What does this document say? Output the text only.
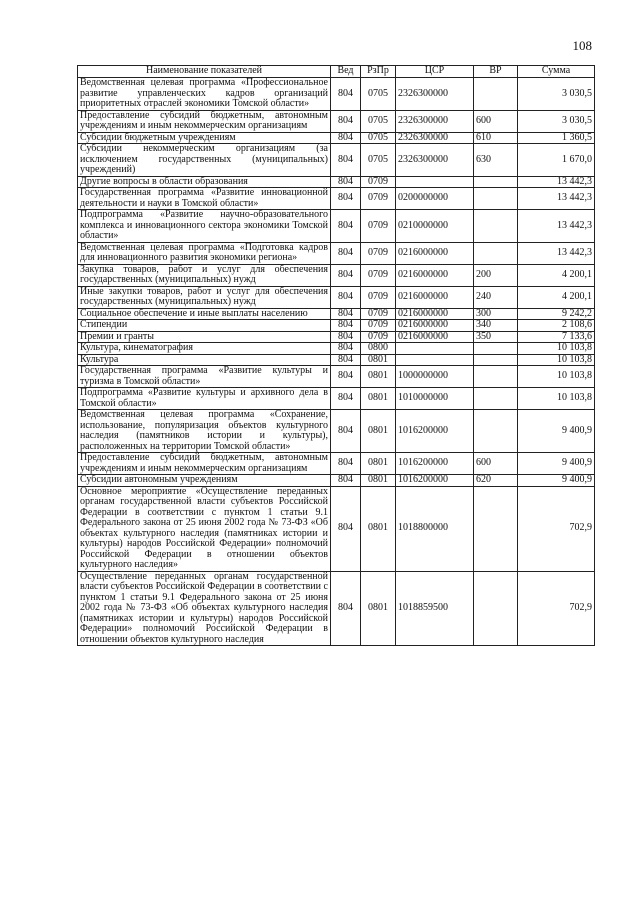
108
Наименование показателей	Вед	РзПр	ЦСР	ВР	Сумма
Ведомственная целевая программа «Профессиональное развитие управленческих кадров организаций приоритетных отраслей экономики Томской области»	804	0705	2326300000		3 030,5
Предоставление субсидий бюджетным, автономным учреждениям и иным некоммерческим организациям	804	0705	2326300000	600	3 030,5
Субсидии бюджетным учреждениям	804	0705	2326300000	610	1 360,5
Субсидии некоммерческим организациям (за исключением государственных (муниципальных) учреждений)	804	0705	2326300000	630	1 670,0
Другие вопросы в области образования	804	0709			13 442,3
Государственная программа «Развитие инновационной деятельности и науки в Томской области»	804	0709	0200000000		13 442,3
Подпрограмма «Развитие научно-образовательного комплекса и инновационного сектора экономики Томской области»	804	0709	0210000000		13 442,3
Ведомственная целевая программа «Подготовка кадров для инновационного развития экономики региона»	804	0709	0216000000		13 442,3
Закупка товаров, работ и услуг для обеспечения государственных (муниципальных) нужд	804	0709	0216000000	200	4 200,1
Иные закупки товаров, работ и услуг для обеспечения государственных (муниципальных) нужд	804	0709	0216000000	240	4 200,1
Социальное обеспечение и иные выплаты населению	804	0709	0216000000	300	9 242,2
Стипендии	804	0709	0216000000	340	2 108,6
Премии и гранты	804	0709	0216000000	350	7 133,6
Культура, кинематография	804	0800			10 103,8
Культура	804	0801			10 103,8
Государственная программа «Развитие культуры и туризма в Томской области»	804	0801	1000000000		10 103,8
Подпрограмма «Развитие культуры и архивного дела в Томской области»	804	0801	1010000000		10 103,8
Ведомственная целевая программа «Сохранение, использование, популяризация объектов культурного наследия (памятников истории и культуры), расположенных на территории Томской области»	804	0801	1016200000		9 400,9
Предоставление субсидий бюджетным, автономным учреждениям и иным некоммерческим организациям	804	0801	1016200000	600	9 400,9
Субсидии автономным учреждениям	804	0801	1016200000	620	9 400,9
Основное мероприятие «Осуществление переданных органам государственной власти субъектов Российской Федерации в соответствии с пунктом 1 статьи 9.1 Федерального закона от 25 июня 2002 года № 73-ФЗ «Об объектах культурного наследия (памятниках истории и культуры) народов Российской Федерации» полномочий Российской Федерации в отношении объектов культурного наследия»	804	0801	1018800000		702,9
Осуществление переданных органам государственной власти субъектов Российской Федерации в соответствии с пунктом 1 статьи 9.1 Федерального закона от 25 июня 2002 года № 73-ФЗ «Об объектах культурного наследия (памятниках истории и культуры) народов Российской Федерации» полномочий Российской Федерации в отношении объектов культурного наследия	804	0801	1018859500		702,9
